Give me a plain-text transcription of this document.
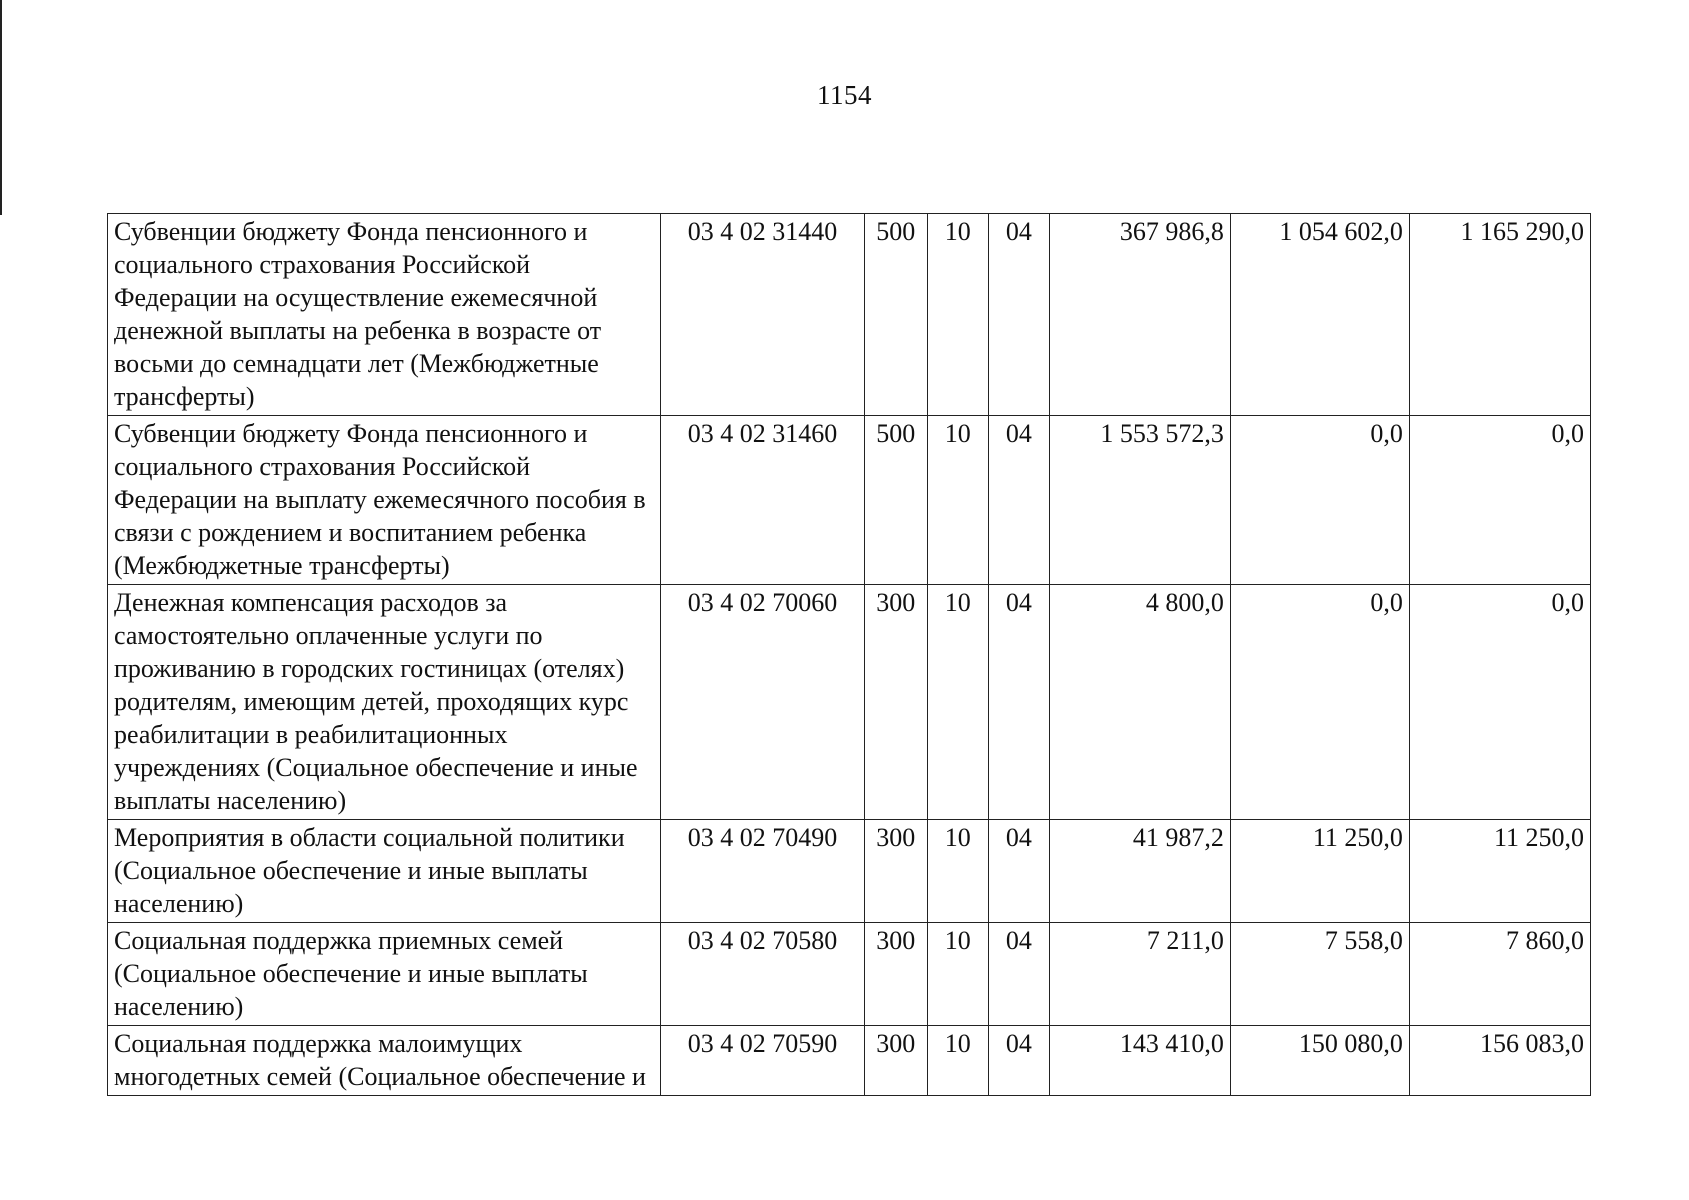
1154
Субвенции бюджету Фонда пенсионного и социального страхования Российской Федерации на осуществление ежемесячной денежной выплаты на ребенка в возрасте от восьми до семнадцати лет (Межбюджетные трансферты)	03 4 02 31440	500	10	04	367 986,8	1 054 602,0	1 165 290,0
Субвенции бюджету Фонда пенсионного и социального страхования Российской Федерации на выплату ежемесячного пособия в связи с рождением и воспитанием ребенка (Межбюджетные трансферты)	03 4 02 31460	500	10	04	1 553 572,3	0,0	0,0
Денежная компенсация расходов за самостоятельно оплаченные услуги по проживанию в городских гостиницах (отелях) родителям, имеющим детей, проходящих курс реабилитации в реабилитационных учреждениях (Социальное обеспечение и иные выплаты населению)	03 4 02 70060	300	10	04	4 800,0	0,0	0,0
Мероприятия в области социальной политики (Социальное обеспечение и иные выплаты населению)	03 4 02 70490	300	10	04	41 987,2	11 250,0	11 250,0
Социальная поддержка приемных семей (Социальное обеспечение и иные выплаты населению)	03 4 02 70580	300	10	04	7 211,0	7 558,0	7 860,0
Социальная поддержка малоимущих многодетных семей (Социальное обеспечение и	03 4 02 70590	300	10	04	143 410,0	150 080,0	156 083,0
